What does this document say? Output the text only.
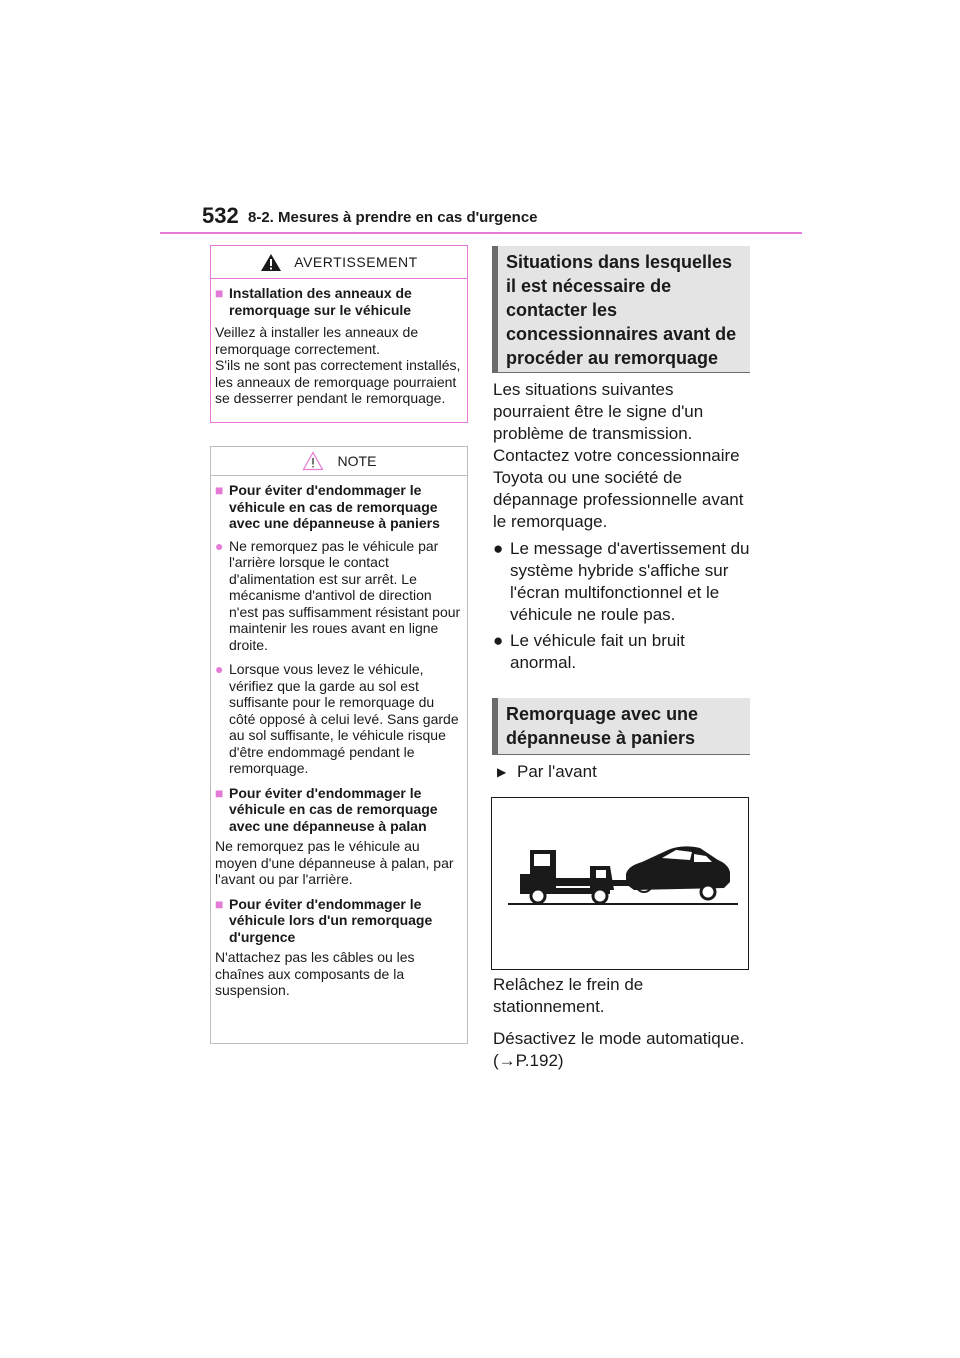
532 8-2. Mesures à prendre en cas d'urgence
AVERTISSEMENT
■ Installation des anneaux de remorquage sur le véhicule
Veillez à installer les anneaux de remorquage correctement.
S'ils ne sont pas correctement installés, les anneaux de remorquage pourraient se desserrer pendant le remorquage.
NOTE
■ Pour éviter d'endommager le véhicule en cas de remorquage avec une dépanneuse à paniers
● Ne remorquez pas le véhicule par l'arrière lorsque le contact d'alimentation est sur arrêt. Le mécanisme d'antivol de direction n'est pas suffisamment résistant pour maintenir les roues avant en ligne droite.
● Lorsque vous levez le véhicule, vérifiez que la garde au sol est suffisante pour le remorquage du côté opposé à celui levé. Sans garde au sol suffisante, le véhicule risque d'être endommagé pendant le remorquage.
■ Pour éviter d'endommager le véhicule en cas de remorquage avec une dépanneuse à palan
Ne remorquez pas le véhicule au moyen d'une dépanneuse à palan, par l'avant ou par l'arrière.
■ Pour éviter d'endommager le véhicule lors d'un remorquage d'urgence
N'attachez pas les câbles ou les chaînes aux composants de la suspension.
Situations dans lesquelles il est nécessaire de contacter les concessionnaires avant de procéder au remorquage
Les situations suivantes pourraient être le signe d'un problème de transmission. Contactez votre concessionnaire Toyota ou une société de dépannage professionnelle avant le remorquage.
● Le message d'avertissement du système hybride s'affiche sur l'écran multifonctionnel et le véhicule ne roule pas.
● Le véhicule fait un bruit anormal.
Remorquage avec une dépanneuse à paniers
▶ Par l'avant
Relâchez le frein de stationnement.
Désactivez le mode automatique. (→P.192)
